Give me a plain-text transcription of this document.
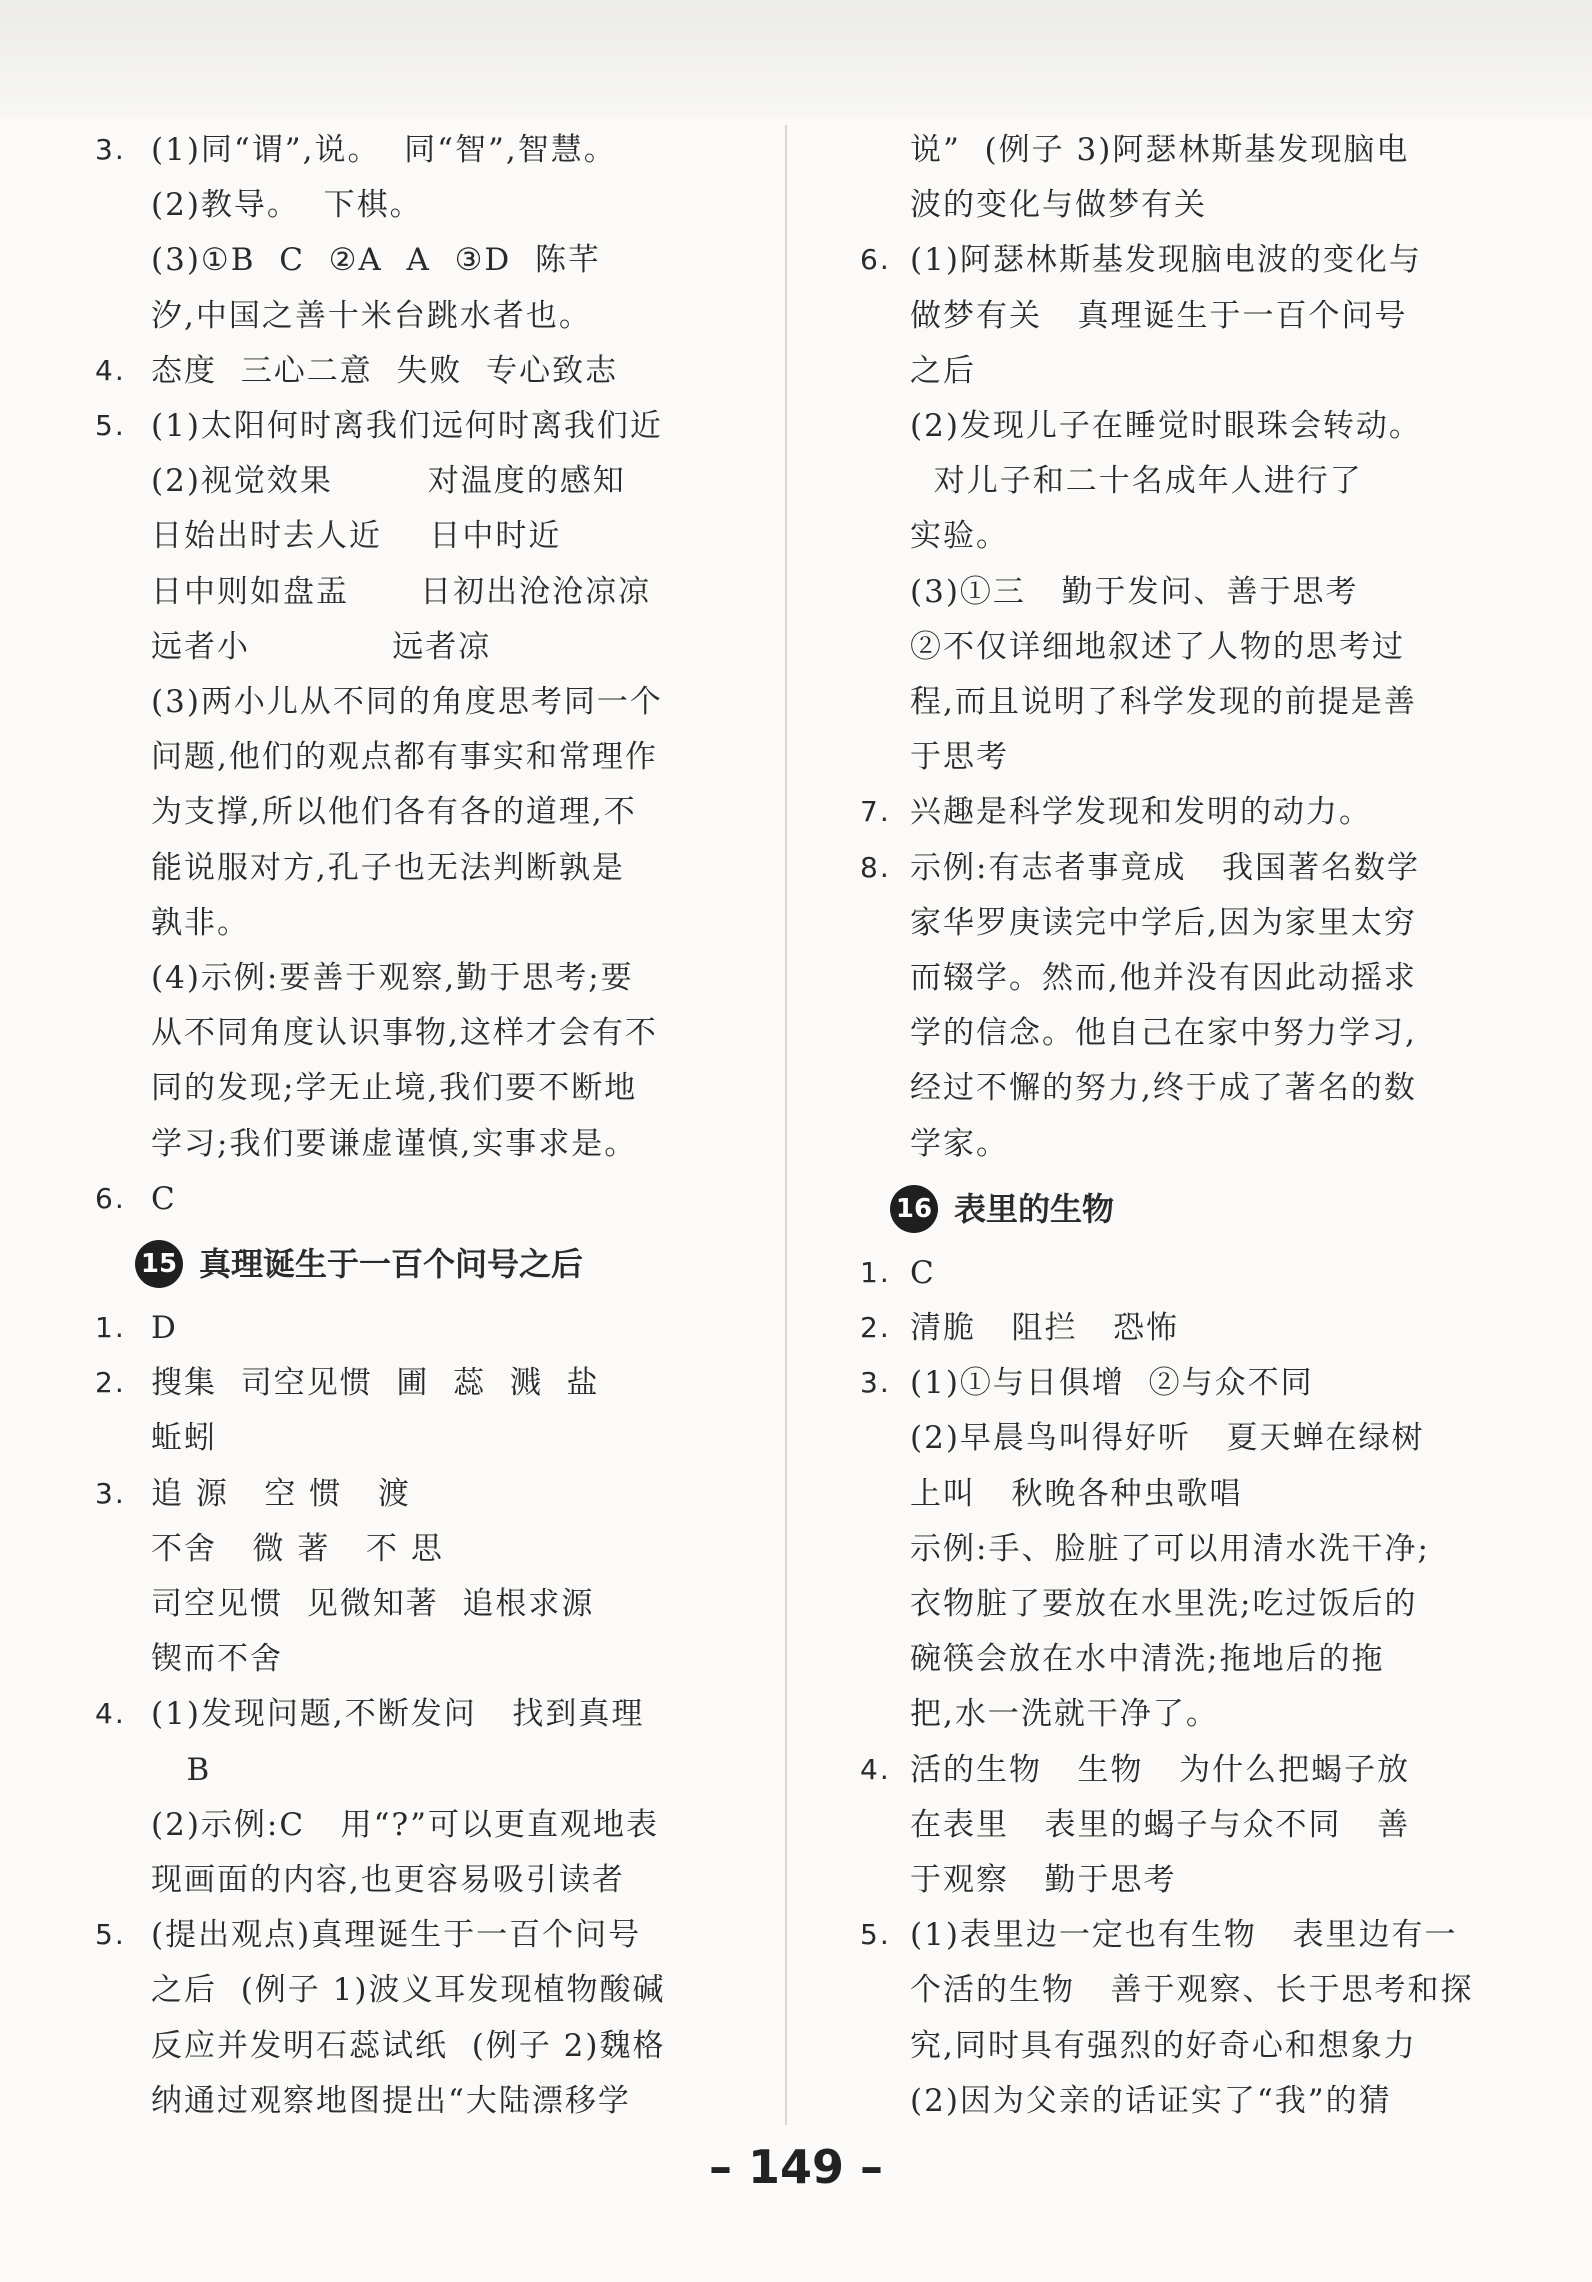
3. (1)同“谓”,说。  同“智”,智慧。
(2)教导。  下棋。
(3)①B  C  ②A  A  ③D  陈芊
汐,中国之善十米台跳水者也。
4. 态度  三心二意  失败  专心致志
5. (1)太阳何时离我们远何时离我们近
(2)视觉效果        对温度的感知
日始出时去人近    日中时近
日中则如盘盂      日初出沧沧凉凉
远者小            远者凉
(3)两小儿从不同的角度思考同一个
问题,他们的观点都有事实和常理作
为支撑,所以他们各有各的道理,不
能说服对方,孔子也无法判断孰是
孰非。
(4)示例:要善于观察,勤于思考;要
从不同角度认识事物,这样才会有不
同的发现;学无止境,我们要不断地
学习;我们要谦虚谨慎,实事求是。
6. C
15 真理诞生于一百个问号之后
1. D
2. 搜集  司空见惯  圃  蕊  溅  盐
蚯蚓
3. 追 源   空 惯   渡
不舍   微 著   不 思
司空见惯  见微知著  追根求源
锲而不舍
4. (1)发现问题,不断发问   找到真理
B
(2)示例:C   用“?”可以更直观地表
现画面的内容,也更容易吸引读者
5. (提出观点)真理诞生于一百个问号
之后  (例子 1)波义耳发现植物酸碱
反应并发明石蕊试纸  (例子 2)魏格
纳通过观察地图提出“大陆漂移学
说”  (例子 3)阿瑟林斯基发现脑电
波的变化与做梦有关
6. (1)阿瑟林斯基发现脑电波的变化与
做梦有关   真理诞生于一百个问号
之后
(2)发现儿子在睡觉时眼珠会转动。
对儿子和二十名成年人进行了
实验。
(3)①三   勤于发问、善于思考
②不仅详细地叙述了人物的思考过
程,而且说明了科学发现的前提是善
于思考
7. 兴趣是科学发现和发明的动力。
8. 示例:有志者事竟成   我国著名数学
家华罗庚读完中学后,因为家里太穷
而辍学。然而,他并没有因此动摇求
学的信念。他自己在家中努力学习,
经过不懈的努力,终于成了著名的数
学家。
16 表里的生物
1. C
2. 清脆   阻拦   恐怖
3. (1)①与日俱增  ②与众不同
(2)早晨鸟叫得好听   夏天蝉在绿树
上叫   秋晚各种虫歌唱
示例:手、脸脏了可以用清水洗干净;
衣物脏了要放在水里洗;吃过饭后的
碗筷会放在水中清洗;拖地后的拖
把,水一洗就干净了。
4. 活的生物   生物   为什么把蝎子放
在表里   表里的蝎子与众不同   善
于观察   勤于思考
5. (1)表里边一定也有生物   表里边有一
个活的生物   善于观察、长于思考和探
究,同时具有强烈的好奇心和想象力
(2)因为父亲的话证实了“我”的猜
– 149 –
